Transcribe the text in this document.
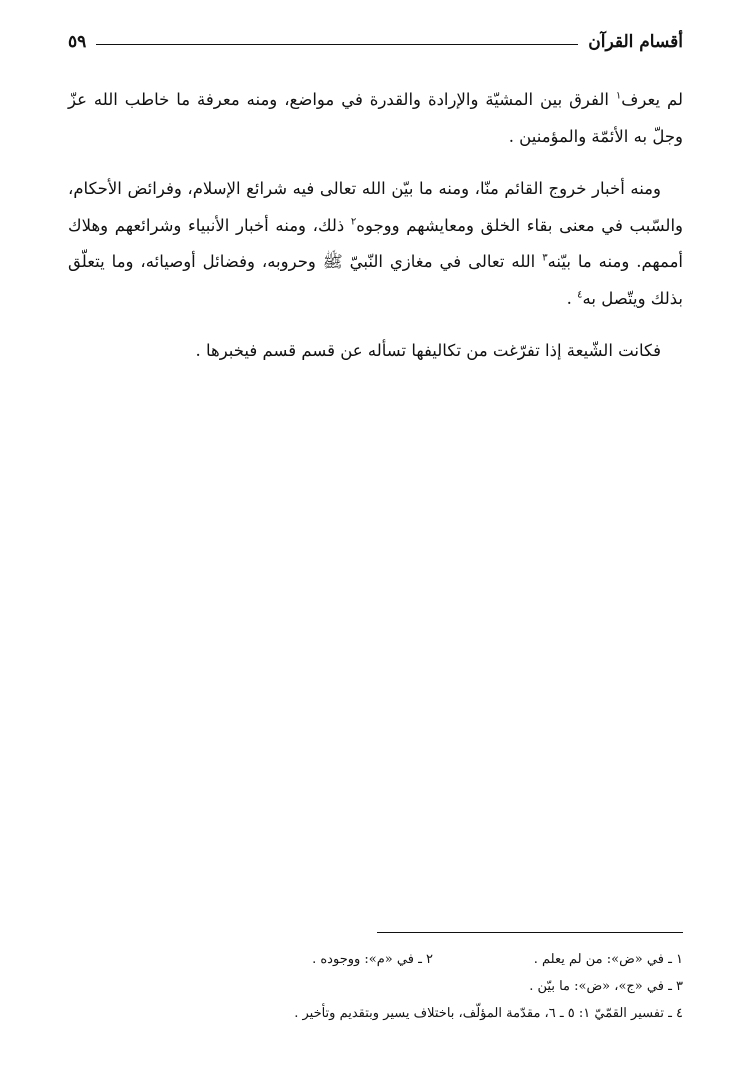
أقسام القرآن
٥٩

لم يعرف$^١$ الفرق بين المشيّة والإرادة والقدرة في مواضع، ومنه معرفة ما خاطب الله عزّ وجلّ به الأئمّة والمؤمنين .

ومنه أخبار خروج القائم منّا، ومنه ما بيّن الله تعالى فيه شرائع الإسلام، وفرائض الأحكام، والسّبب في معنى بقاء الخلق ومعايشهم ووجوه$^٢$ ذلك، ومنه أخبار الأنبياء وشرائعهم وهلاك أممهم. ومنه ما بيّنه$^٣$ الله تعالى في مغازي النّبيّ ﷺ وحروبه، وفضائل أوصيائه، وما يتعلّق بذلك ويتّصل به$^٤$ .

فكانت الشّيعة إذا تفرّغت من تكاليفها تسأله عن قسم قسم فيخبرها .

١ ـ في «ض»: من لم يعلم .
٢ ـ في «م»: ووجوده .
٣ ـ في «ج»، «ض»: ما بيّن .
٤ ـ تفسير القمّيّ ١: ٥ ـ ٦، مقدّمة المؤلّف، باختلاف يسير وبتقديم وتأخير .
